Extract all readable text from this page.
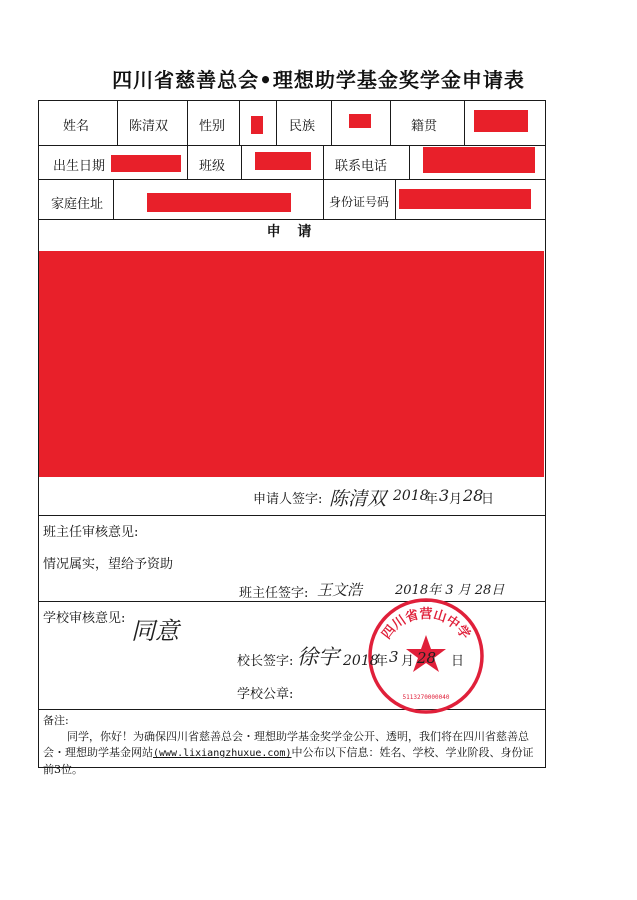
四川省慈善总会•理想助学基金奖学金申请表
姓名	陈清双 性别	民族	籍贯
出生日期	班级	联系电话
家庭住址	身份证号码
申 请
申请人签字: 陈清双 2018
年 3 月 28
日
班主任审核意见:
情况属实，望给予资助
班主任签字: 王文浩	2018年 3 月 28日
学校审核意见: 同意	四川省营山中学
5113270000040
校长签字: 徐宇 2018
年 3 月 28 日
学校公章:
备注:
同学，你好！为确保四川省慈善总会・理想助学基金奖学金公开、透明，我们将在四川省慈善总会・理想助学基金网站(www.lixiangzhuxue.com)中公布以下信息：姓名、学校、学业阶段、身份证前3位。
